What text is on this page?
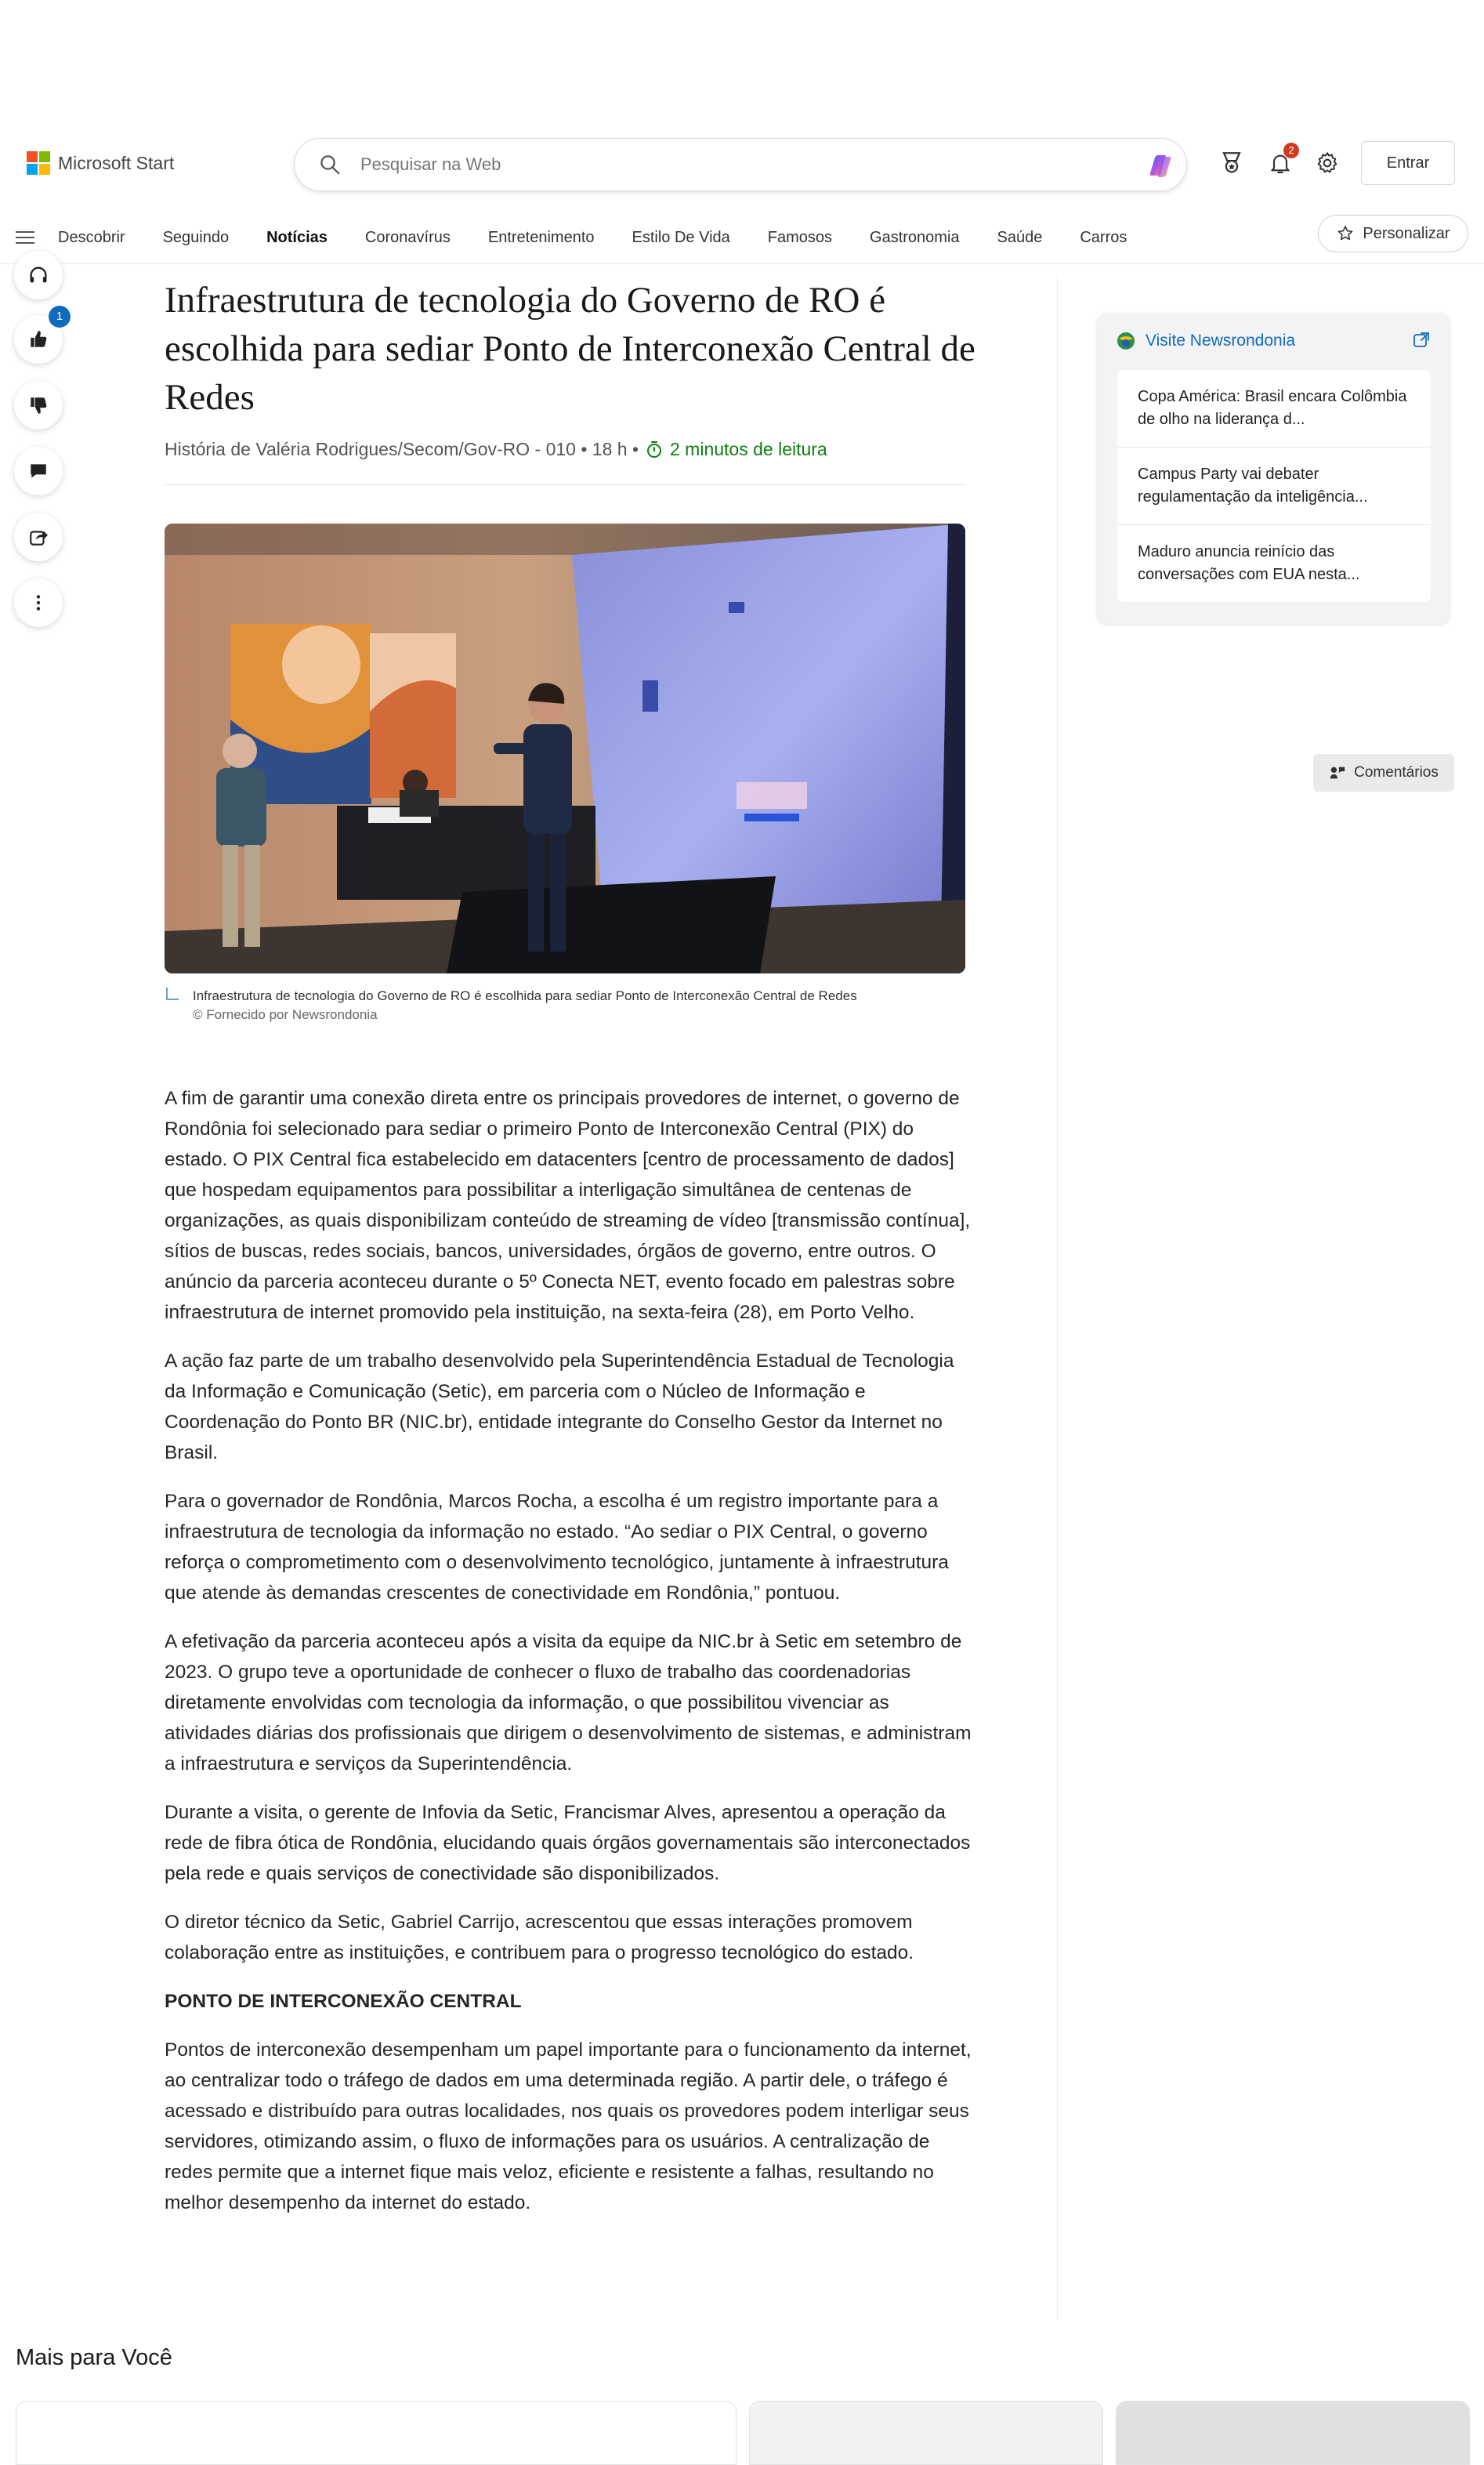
Microsoft Start
Pesquisar na Web
2
Entrar
Descobrir Seguindo Notícias Coronavírus Entretenimento Estilo De Vida Famosos Gastronomia Saúde Carros	Personalizar
1	Infraestrutura de tecnologia do Governo de RO é escolhida para sediar Ponto de Interconexão Central de Redes
História de Valéria Rodrigues/Secom/Gov-RO - 010 • 18 h • 2 minutos de leitura
Infraestrutura de tecnologia do Governo de RO é escolhida para sediar Ponto de Interconexão Central de Redes
© Fornecido por Newsrondonia

A fim de garantir uma conexão direta entre os principais provedores de internet, o governo de Rondônia foi selecionado para sediar o primeiro Ponto de Interconexão Central (PIX) do estado. O PIX Central fica estabelecido em datacenters [centro de processamento de dados] que hospedam equipamentos para possibilitar a interligação simultânea de centenas de organizações, as quais disponibilizam conteúdo de streaming de vídeo [transmissão contínua], sítios de buscas, redes sociais, bancos, universidades, órgãos de governo, entre outros. O anúncio da parceria aconteceu durante o 5º Conecta NET, evento focado em palestras sobre infraestrutura de internet promovido pela instituição, na sexta-feira (28), em Porto Velho.

A ação faz parte de um trabalho desenvolvido pela Superintendência Estadual de Tecnologia da Informação e Comunicação (Setic), em parceria com o Núcleo de Informação e Coordenação do Ponto BR (NIC.br), entidade integrante do Conselho Gestor da Internet no Brasil.

Para o governador de Rondônia, Marcos Rocha, a escolha é um registro importante para a infraestrutura de tecnologia da informação no estado. “Ao sediar o PIX Central, o governo reforça o comprometimento com o desenvolvimento tecnológico, juntamente à infraestrutura que atende às demandas crescentes de conectividade em Rondônia,” pontuou.

A efetivação da parceria aconteceu após a visita da equipe da NIC.br à Setic em setembro de 2023. O grupo teve a oportunidade de conhecer o fluxo de trabalho das coordenadorias diretamente envolvidas com tecnologia da informação, o que possibilitou vivenciar as atividades diárias dos profissionais que dirigem o desenvolvimento de sistemas, e administram a infraestrutura e serviços da Superintendência.

Durante a visita, o gerente de Infovia da Setic, Francismar Alves, apresentou a operação da rede de fibra ótica de Rondônia, elucidando quais órgãos governamentais são interconectados pela rede e quais serviços de conectividade são disponibilizados.

O diretor técnico da Setic, Gabriel Carrijo, acrescentou que essas interações promovem colaboração entre as instituições, e contribuem para o progresso tecnológico do estado.

PONTO DE INTERCONEXÃO CENTRAL

Pontos de interconexão desempenham um papel importante para o funcionamento da internet, ao centralizar todo o tráfego de dados em uma determinada região. A partir dele, o tráfego é acessado e distribuído para outras localidades, nos quais os provedores podem interligar seus servidores, otimizando assim, o fluxo de informações para os usuários. A centralização de redes permite que a internet fique mais veloz, eficiente e resistente a falhas, resultando no melhor desempenho da internet do estado.

Visite Newsrondonia
Copa América: Brasil encara Colômbia de olho na liderança d...
Campus Party vai debater regulamentação da inteligência...
Maduro anuncia reinício das conversações com EUA nesta...
Comentários
Mais para Você
